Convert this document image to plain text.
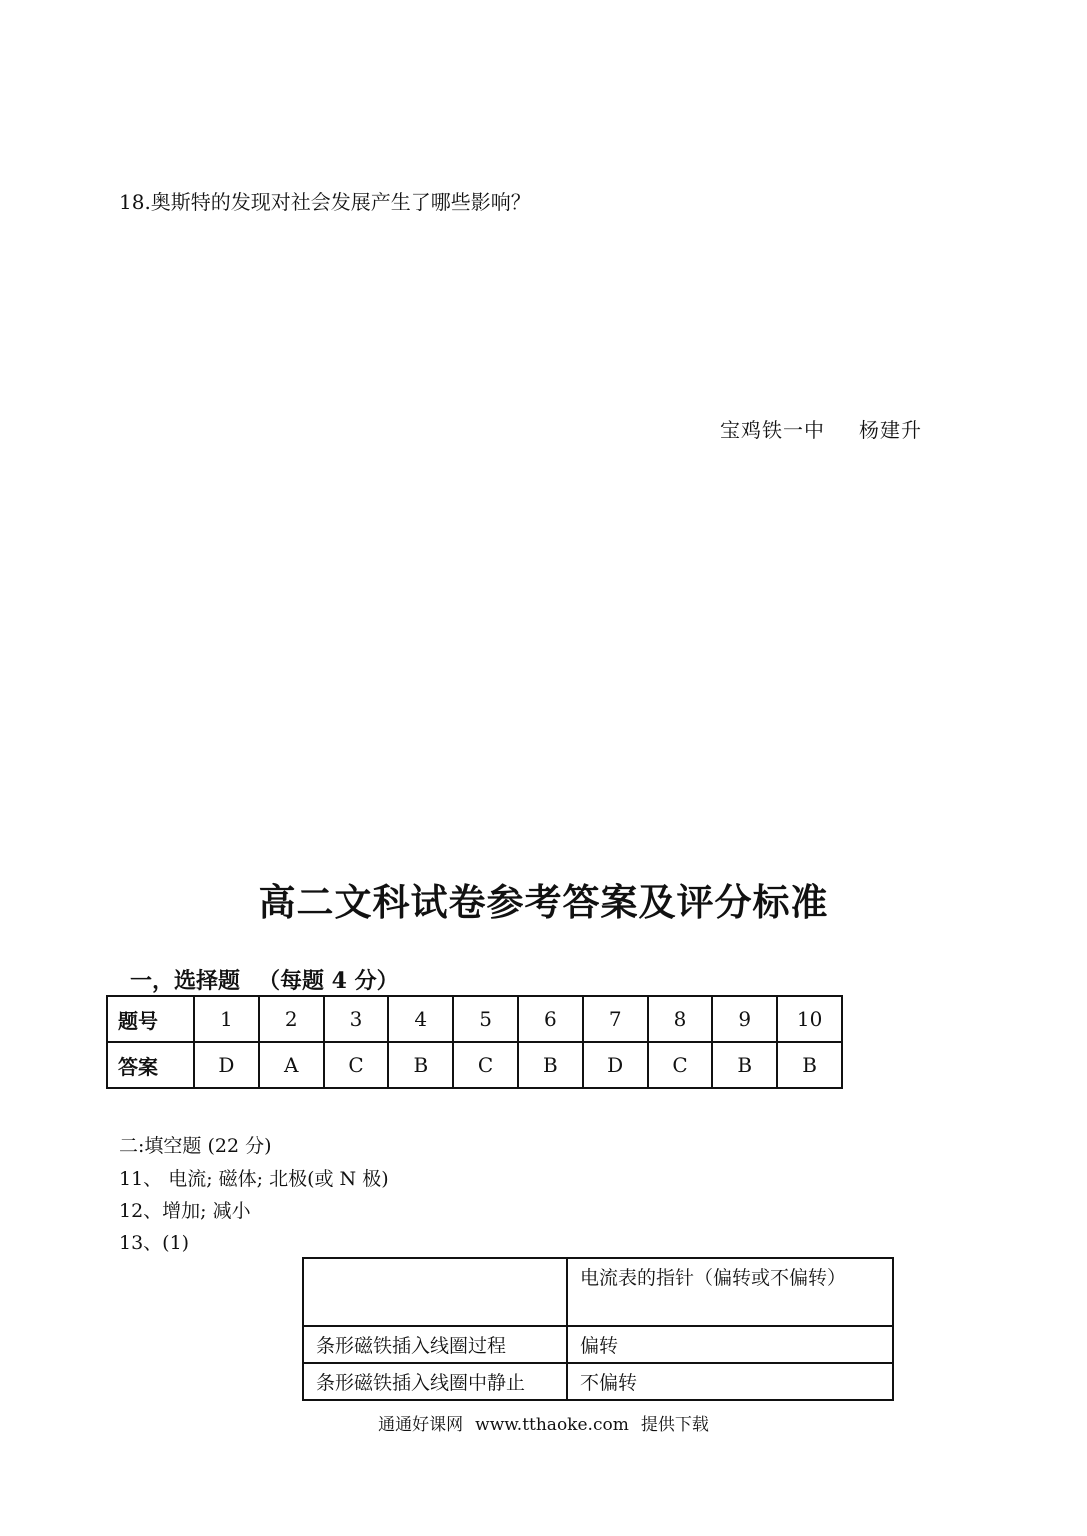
18.奥斯特的发现对社会发展产生了哪些影响？
宝鸡铁一中 杨建升
高二文科试卷参考答案及评分标准
一，选择题 （每题 4 分）
题号	1	2	3	4	5	6	7	8	9	10
答案	D	A	C	B	C	B	D	C	B	B
二:填空题 (22 分)
11、 电流; 磁体; 北极(或 N 极)
12、增加; 减小
13、(1)
	电流表的指针（偏转或不偏转）
条形磁铁插入线圈过程	偏转
条形磁铁插入线圈中静止	不偏转
通通好课网 www.tthaoke.com 提供下载
